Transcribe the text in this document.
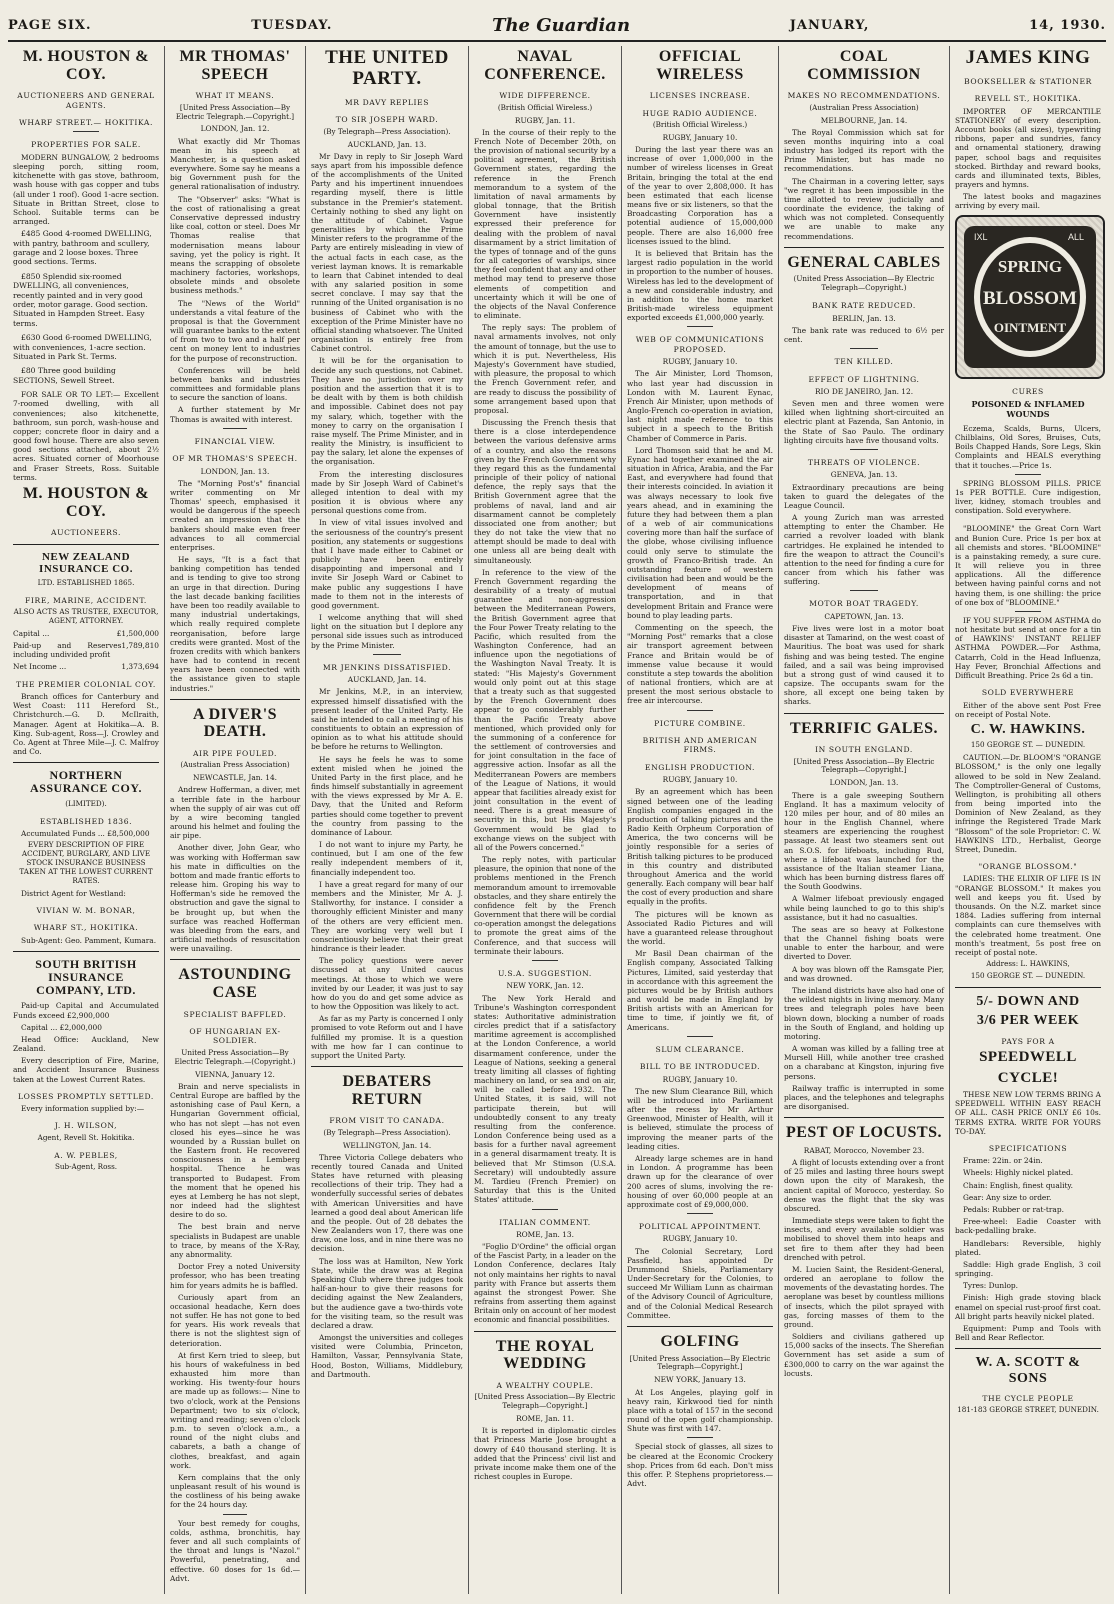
PAGE SIX.	TUESDAY.	The Guardian	JANUARY,	14, 1930.
M. HOUSTON & COY.
AUCTIONEERS AND GENERAL AGENTS.
WHARF STREET.— HOKITIKA.
PROPERTIES FOR SALE.

MODERN BUNGALOW, 2 bedrooms sleeping porch, sitting room, kitchenette with gas stove, bathroom, wash house with gas copper and tubs (all under 1 roof). Good 1-acre section. Situate in Brittan Street, close to School. Suitable terms can be arranged.

£485 Good 4-roomed DWELLING, with pantry, bathroom and scullery, garage and 2 loose boxes. Three good sections. Terms.

£850 Splendid six-roomed DWELLING, all conveniences, recently painted and in very good order, motor garage. Good section. Situated in Hampden Street. Easy terms.

£630 Good 6-roomed DWELLING, with conveniences, 1-acre section. Situated in Park St. Terms.

£80 Three good building SECTIONS, Sewell Street.

FOR SALE OR TO LET:— Excellent 7-roomed dwelling, with all conveniences; also kitchenette, bathroom, sun porch, wash-house and copper; concrete floor in dairy and a good fowl house. There are also seven good sections attached, about 2½ acres. Situated corner of Moorhouse and Fraser Streets, Ross. Suitable terms.

M. HOUSTON & COY.
AUCTIONEERS.
NEW ZEALAND INSURANCE CO.
LTD. ESTABLISHED 1865.
FIRE, MARINE, ACCIDENT.
ALSO ACTS AS TRUSTEE, EXECUTOR, AGENT, ATTORNEY.

Capital ...	£1,500,000

Paid-up and Reserves including undivided profit
1,789,810

Net Income ...	1,373,694

THE PREMIER COLONIAL COY.

Branch offices for Canterbury and West Coast: 111 Hereford St., Christchurch.—G. D. McIlraith, Manager. Agent at Hokitika—A. B. King. Sub-agent, Ross—J. Crowley and Co. Agent at Three Mile—J. C. Malfroy and Co.

NORTHERN ASSURANCE COY.
(LIMITED).
ESTABLISHED 1836.

Accumulated Funds ... £8,500,000

EVERY DESCRIPTION OF FIRE ACCIDENT, BURGLARY, AND LIVE STOCK INSURANCE BUSINESS TAKEN AT THE LOWEST CURRENT RATES.

District Agent for Westland:

VIVIAN W. M. BONAR,
WHARF ST., HOKITIKA.

Sub-Agent: Geo. Pamment, Kumara.

SOUTH BRITISH INSURANCE COMPANY, LTD.

Paid-up Capital and Accumulated Funds exceed £2,900,000

Capital ... £2,000,000

Head Office: Auckland, New Zealand.

Every description of Fire, Marine, and Accident Insurance Business taken at the Lowest Current Rates.

LOSSES PROMPTLY SETTLED.

Every information supplied by:—

J. H. WILSON,
Agent, Revell St. Hokitika.
A. W. PEBLES,
Sub-Agent, Ross.
MR THOMAS' SPEECH
WHAT IT MEANS.
[United Press Association—By Electric Telegraph.—Copyright.]

LONDON, Jan. 12.

What exactly did Mr Thomas mean in his speech at Manchester, is a question asked everywhere. Some say he means a big Government push for the general rationalisation of industry.

The "Observer" asks: "What is the cost of rationalising a great Conservative depressed industry like coal, cotton or steel. Does Mr Thomas realise that modernisation means labour saving, yet the policy is right. It means the scrapping of obsolete machinery factories, workshops, obsolete minds and obsolete business methods."

The "News of the World" understands a vital feature of the proposal is that the Government will guarantee banks to the extent of from two to two and a half per cent on money lent to industries for the purpose of reconstruction.

Conferences will be held between banks and industries committees and formidable plans to secure the sanction of loans.

A further statement by Mr Thomas is awaited with interest.

FINANCIAL VIEW.
OF MR THOMAS'S SPEECH.

LONDON, Jan. 13.

The "Morning Post's" financial writer commenting on Mr Thomas' speech, emphasised it would be dangerous if the speech created an impression that the bankers should make even freer advances to all commercial enterprises.

He says, "It is a fact that banking competition has tended and is tending to give too strong an urge in that direction. During the last decade banking facilities have been too readily available to many industrial undertakings, which really required complete reorganisation, before large credits were granted. Most of the frozen credits with which bankers have had to contend in recent years have been connected with the assistance given to staple industries."

A DIVER'S DEATH.
AIR PIPE FOULED.
(Australian Press Association)

NEWCASTLE, Jan. 14.

Andrew Hofferman, a diver, met a terrible fate in the harbour when the supply of air was cut off by a wire becoming tangled around his helmet and fouling the air pipe.

Another diver, John Gear, who was working with Hofferman saw his mate in difficulties on the bottom and made frantic efforts to release him. Groping his way to Hofferman's side he removed the obstruction and gave the signal to be brought up, but when the surface was reached Hofferman was bleeding from the ears, and artificial methods of resuscitation were unavailing.

ASTOUNDING CASE
SPECIALIST BAFFLED.
OF HUNGARIAN EX-SOLDIER.
United Press Association—By Electric Telegraph.—(Copyright.)

VIENNA, January 12.

Brain and nerve specialists in Central Europe are baffled by the astonishing case of Paul Kern, a Hungarian Government official, who has not slept —has not even closed his eyes—since he was wounded by a Russian bullet on the Eastern front. He recovered consciousness in a Lemberg hospital. Thence he was transported to Budapest. From the moment that he opened his eyes at Lemberg he has not slept, nor indeed had the slightest desire to do so.

The best brain and nerve specialists in Budapest are unable to trace, by means of the X-Ray, any abnormality.

Doctor Frey a noted University professor, who has been treating him for years admits he is baffled.

Curiously apart from an occasional headache, Kern does not suffer. He has not gone to bed for years. His work reveals that there is not the slightest sign of deterioration.

At first Kern tried to sleep, but his hours of wakefulness in bed exhausted him more than working. His twenty-four hours are made up as follows:— Nine to two o'clock, work at the Pensions Department; two to six o'clock, writing and reading; seven o'clock p.m. to seven o'clock a.m., a round of the night clubs and cabarets, a bath a change of clothes, breakfast, and again work.

Kern complains that the only unpleasant result of his wound is the costliness of his being awake for the 24 hours day.

Your best remedy for coughs, colds, asthma, bronchitis, hay fever and all such complaints of the throat and lungs is "Nazol." Powerful, penetrating, and effective. 60 doses for 1s 6d.—Advt.

THE UNITED PARTY.
MR DAVY REPLIES
TO SIR JOSEPH WARD.
(By Telegraph—Press Association).

AUCKLAND, Jan. 13.

Mr Davy in reply to Sir Joseph Ward says apart from his impossible defence of the accomplishments of the United Party and his impertinent innuendoes regarding myself, there is little substance in the Premier's statement. Certainly nothing to shed any light on the attitude of Cabinet. Vague generalities by which the Prime Minister refers to the programme of the Party are entirely misleading in view of the actual facts in each case, as the veriest layman knows. It is remarkable to learn that Cabinet intended to deal with any salaried position in some secret conclave. I may say that the running of the United organisation is no business of Cabinet who with the exception of the Prime Minister have no official standing whatsoever. The United organisation is entirely free from Cabinet control.

It will be for the organisation to decide any such questions, not Cabinet. They have no jurisdiction over my position and the assertion that it is to be dealt with by them is both childish and impossible. Cabinet does not pay my salary, which, together with the money to carry on the organisation I raise myself. The Prime Minister, and in reality the Ministry, is insufficient to pay the salary, let alone the expenses of the organisation.

From the interesting disclosures made by Sir Joseph Ward of Cabinet's alleged intention to deal with my position it is obvious where any personal questions come from.

In view of vital issues involved and the seriousness of the country's present position, any statements or suggestions that I have made either to Cabinet or publicly have been entirely disappointing and impersonal and I invite Sir Joseph Ward or Cabinet to make public any suggestions I have made to them not in the interests of good government.

I welcome anything that will shed light on the situation but I deplore any personal side issues such as introduced by the Prime Minister.

MR JENKINS DISSATISFIED.

AUCKLAND, Jan. 14.

Mr Jenkins, M.P., in an interview, expressed himself dissatisfied with the present leader of the United Party. He said he intended to call a meeting of his constituents to obtain an expression of opinion as to what his attitude should be before he returns to Wellington.

He says he feels he was to some extent misled when he joined the United Party in the first place, and he finds himself substantially in agreement with the views expressed by Mr A. E. Davy, that the United and Reform parties should come together to prevent the country from passing to the dominance of Labour.

I do not want to injure my Party, he continued, but I am one of the few really independent members of it, financially independent too.

I have a great regard for many of our members and the Minister, Mr A. J. Stallworthy, for instance. I consider a thoroughly efficient Minister and many of the others are very efficient men. They are working very well but I conscientiously believe that their great hindrance is their leader.

The policy questions were never discussed at any United caucus meetings. At those to which we were invited by our Leader, it was just to say how do you do and get some advice as to how the Opposition was likely to act.

As far as my Party is concerned I only promised to vote Reform out and I have fulfilled my promise. It is a question with me how far I can continue to support the United Party.

DEBATERS RETURN
FROM VISIT TO CANADA.
(By Telegraph—Press Association).

WELLINGTON, Jan. 14.

Three Victoria College debaters who recently toured Canada and United States have returned with pleasing recollections of their trip. They had a wonderfully successful series of debates with American Universities and have learned a good deal about American life and the people. Out of 28 debates the New Zealanders won 17, there was one draw, one loss, and in nine there was no decision.

The loss was at Hamilton, New York State, while the draw was at Regina Speaking Club where three judges took half-an-hour to give their reasons for deciding against the New Zealanders, but the audience gave a two-thirds vote for the visiting team, so the result was declared a draw.

Amongst the universities and colleges visited were Columbia, Princeton, Hamilton, Vassar, Pennsylvania State, Hood, Boston, Williams, Middlebury, and Dartmouth.

NAVAL CONFERENCE.
WIDE DIFFERENCE.
(British Official Wireless.)

RUGBY, Jan. 11.

In the course of their reply to the French Note of December 20th, on the provision of national security by a political agreement, the British Government states, regarding the reference in the French memorandum to a system of the limitation of naval armaments by global tonnage, that the British Government have insistently expressed their preference for dealing with the problem of naval disarmament by a strict limitation of the types of tonnage and of the guns for all categories of warships, since they feel confident that any and other method may tend to preserve those elements of competition and uncertainty which it will be one of the objects of the Naval Conference to eliminate.

The reply says: The problem of naval armaments involves, not only the amount of tonnage, but the use to which it is put. Nevertheless, His Majesty's Government have studied, with pleasure, the proposal to which the French Government refer, and are ready to discuss the possibility of some arrangement based upon that proposal.

Discussing the French thesis that there is a close interdependence between the various defensive arms of a country, and also the reasons given by the French Government why they regard this as the fundamental principle of their policy of national defence, the reply says that the British Government agree that the problems of naval, land and air disarmament cannot be completely dissociated one from another; but they do not take the view that no attempt should be made to deal with one unless all are being dealt with simultaneously.

In reference to the view of the French Government regarding the desirability of a treaty of mutual guarantee and non-aggression between the Mediterranean Powers, the British Government agree that the Four Power Treaty relating to the Pacific, which resulted from the Washington Conference, had an influence upon the negotiations of the Washington Naval Treaty. It is stated: "His Majesty's Government would only point out at this stage that a treaty such as that suggested by the French Government does appear to go considerably further than the Pacific Treaty above mentioned, which provided only for the summoning of a conference for the settlement of controversies and for joint consultation in the face of aggressive action. Insofar as all the Mediterranean Powers are members of the League of Nations, it would appear that facilities already exist for joint consultation in the event of need. There is a great measure of security in this, but His Majesty's Government would be glad to exchange views on the subject with all of the Powers concerned."

The reply notes, with particular pleasure, the opinion that none of the problems mentioned in the French memorandum amount to irremovable obstacles, and they share entirely the confidence felt by the French Government that there will be cordial co-operation amongst the delegations to promote the great aims of the Conference, and that success will terminate their labours.

U.S.A. SUGGESTION.

NEW YORK, Jan. 12.

The New York Herald and Tribune's Washington correspondent states: Authoritative administration circles predict that if a satisfactory maritime agreement is accomplished at the London Conference, a world disarmament conference, under the League of Nations, seeking a general treaty limiting all classes of fighting machinery on land, or sea and on air, will be called before 1932. The United States, it is said, will not participate therein, but will undoubtedly consent to any treaty resulting from the conference. London Conference being used as a basis for a further naval agreement in a general disarmament treaty. It is believed that Mr Stimson (U.S.A. Secretary) will undoubtedly assure M. Tardieu (French Premier) on Saturday that this is the United States' attitude.

ITALIAN COMMENT.

ROME, Jan. 13.

"Foglio D'Ordine" the official organ of the Fascist Party, in a leader on the London Conference, declares Italy not only maintains her rights to naval parity with France but asserts them against the strongest Power. She refrains from asserting them against Britain only on account of her modest economic and financial possibilities.

THE ROYAL WEDDING
A WEALTHY COUPLE.
[United Press Association—By Electric Telegraph—Copyright.]

ROME, Jan. 11.

It is reported in diplomatic circles that Princess Marie Jose brought a dowry of £40 thousand sterling. It is added that the Princess' civil list and private income make them one of the richest couples in Europe.

OFFICIAL WIRELESS
LICENSES INCREASE.
HUGE RADIO AUDIENCE.
(British Official Wireless.)

RUGBY, January 10.

During the last year there was an increase of over 1,000,000 in the number of wireless licenses in Great Britain, bringing the total at the end of the year to over 2,808,000. It has been estimated that each license means five or six listeners, so that the Broadcasting Corporation has a potential audience of 15,000,000 people. There are also 16,000 free licenses issued to the blind.

It is believed that Britain has the largest radio population in the world in proportion to the number of houses. Wireless has led to the development of a new and considerable industry, and in addition to the home market British-made wireless equipment exported exceeds £1,000,000 yearly.

WEB OF COMMUNICATIONS PROPOSED.

RUGBY, January 10.

The Air Minister, Lord Thomson, who last year had discussion in London with M. Laurent Eynac, French Air Minister, upon methods of Anglo-French co-operation in aviation, last night made reference to this subject in a speech to the British Chamber of Commerce in Paris.

Lord Thomson said that he and M. Eynac had together examined the air situation in Africa, Arabia, and the Far East, and everywhere had found that their interests coincided. In aviation it was always necessary to look five years ahead, and in examining the future they had between them a plan of a web of air communications covering more than half the surface of the globe, whose civilising influence could only serve to stimulate the growth of Franco-British trade. An outstanding feature of western civilisation had been and would be the development of means of transportation, and in that development Britain and France were bound to play leading parts.

Commenting on the speech, the "Morning Post" remarks that a close air transport agreement between France and Britain would be of immense value because it would constitute a step towards the abolition of national frontiers, which are at present the most serious obstacle to free air intercourse.

PICTURE COMBINE.
BRITISH AND AMERICAN FIRMS.
ENGLISH PRODUCTION.

RUGBY, January 10.

By an agreement which has been signed between one of the leading English companies engaged in the production of talking pictures and the Radio Keith Orpheum Corporation of America, the two concerns will be jointly responsible for a series of British talking pictures to be produced in this country and distributed throughout America and the world generally. Each company will bear half the cost of every production and share equally in the profits.

The pictures will be known as Associated Radio Pictures and will have a guaranteed release throughout the world.

Mr Basil Dean chairman of the English company, Associated Talking Pictures, Limited, said yesterday that in accordance with this agreement the pictures would be by British authors and would be made in England by British artists with an American for time to time, if jointly we fit, of Americans.

SLUM CLEARANCE.
BILL TO BE INTRODUCED.

RUGBY, January 10.

The new Slum Clearance Bill, which will be introduced into Parliament after the recess by Mr Arthur Greenwood, Minister of Health, will it is believed, stimulate the process of improving the meaner parts of the leading cities.

Already large schemes are in hand in London. A programme has been drawn up for the clearance of over 200 acres of slums, involving the re-housing of over 60,000 people at an approximate cost of £9,000,000.

POLITICAL APPOINTMENT.

RUGBY, January 10.

The Colonial Secretary, Lord Passfield, has appointed Dr Drummond Shiels, Parliamentary Under-Secretary for the Colonies, to succeed Mr William Lunn as chairman of the Advisory Council of Agriculture, and of the Colonial Medical Research Committee.

GOLFING
[United Press Association—By Electric Telegraph—Copyright.]

NEW YORK, January 13.

At Los Angeles, playing golf in heavy rain, Kirkwood tied for ninth place with a total of 157 in the second round of the open golf championship. Shute was first with 147.

Special stock of glasses, all sizes to be cleared at the Economic Crockery shop. Prices from 6d each. Don't miss this offer. P. Stephens proprietoress.—Advt.

COAL COMMISSION
MAKES NO RECOMMENDATIONS.
(Australian Press Association)

MELBOURNE, Jan. 14.

The Royal Commission which sat for seven months inquiring into a coal industry has lodged its report with the Prime Minister, but has made no recommendations.

The Chairman in a covering letter, says "we regret it has been impossible in the time allotted to review judicially and coordinate the evidence, the taking of which was not completed. Consequently we are unable to make any recommendations.

GENERAL CABLES
(United Press Association—By Electric Telegraph—Copyright.)
BANK RATE REDUCED.

BERLIN, Jan. 13.

The bank rate was reduced to 6½ per cent.

TEN KILLED.
EFFECT OF LIGHTNING.

RIO DE JANEIRO, Jan. 12.

Seven men and three women were killed when lightning short-circuited an electric plant at Fazenda, San Antonio, in the State of Sao Paulo. The ordinary lighting circuits have five thousand volts.

THREATS OF VIOLENCE.

GENEVA, Jan. 13.

Extraordinary precautions are being taken to guard the delegates of the League Council.

A young Zurich man was arrested attempting to enter the Chamber. He carried a revolver loaded with blank cartridges. He explained he intended to fire the weapon to attract the Council's attention to the need for finding a cure for cancer from which his father was suffering.

MOTOR BOAT TRAGEDY.

CAPETOWN, Jan. 13.

Five lives were lost in a motor boat disaster at Tamarind, on the west coast of Mauritius. The boat was used for shark fishing and was being tested. The engine failed, and a sail was being improvised but a strong gust of wind caused it to capsize. The occupants swam for the shore, all except one being taken by sharks.

TERRIFIC GALES.
IN SOUTH ENGLAND.
[United Press Association—By Electric Telegraph—Copyright.]

LONDON, Jan. 13.

There is a gale sweeping Southern England. It has a maximum velocity of 120 miles per hour, and of 80 miles an hour in the English Channel, where steamers are experiencing the roughest passage. At least two steamers sent out an S.O.S. for lifeboats, including Rud, where a lifeboat was launched for the assistance of the Italian steamer Liana, which has been burning distress flares off the South Goodwins.

A Walmer lifeboat previously engaged while being launched to go to this ship's assistance, but it had no casualties.

The seas are so heavy at Folkestone that the Channel fishing boats were unable to enter the harbour, and were diverted to Dover.

A boy was blown off the Ramsgate Pier, and was drowned.

The inland districts have also had one of the wildest nights in living memory. Many trees and telegraph poles have been blown down, blocking a number of roads in the South of England, and holding up motoring.

A woman was killed by a falling tree at Mursell Hill, while another tree crashed on a charabanc at Kingston, injuring five persons.

Railway traffic is interrupted in some places, and the telephones and telegraphs are disorganised.

PEST OF LOCUSTS.

RABAT, Morocco, November 23.

A flight of locusts extending over a front of 25 miles and lasting three hours swept down upon the city of Marakesh, the ancient capital of Morocco, yesterday. So dense was the flight that the sky was obscured.

Immediate steps were taken to fight the insects, and every available soldier was mobilised to shovel them into heaps and set fire to them after they had been drenched with petrol.

M. Lucien Saint, the Resident-General, ordered an aeroplane to follow the movements of the devastating hordes. The aeroplane was beset by countless millions of insects, which the pilot sprayed with gas, forcing masses of them to the ground.

Soldiers and civilians gathered up 15,000 sacks of the insects. The Sherefian Government has set aside a sum of £300,000 to carry on the war against the locusts.

JAMES KING
BOOKSELLER & STATIONER
REVELL ST., HOKITIKA.

IMPORTER OF MERCANTILE STATIONERY of every description. Account books (all sizes), typewriting ribbons, paper and sundries, fancy and ornamental stationery, drawing paper, school bags and requisites stocked. Birthday and reward books, cards and illuminated texts, Bibles, prayers and hymns.

The latest books and magazines arriving by every mail.

SPRING
BLOSSOM
OINTMENT
IXL	ALL
CURES

POISONED & INFLAMED WOUNDS

Eczema, Scalds, Burns, Ulcers, Chilblains, Old Sores, Bruises, Cuts, Boils Chapped Hands, Sore Legs, Skin Complaints and HEALS everything that it touches.—Price 1s.

SPRING BLOSSOM PILLS. PRICE 1s PER BOTTLE. Cure indigestion, liver, kidney, stomach troubles and constipation. Sold everywhere.

"BLOOMINE" the Great Corn Wart and Bunion Cure. Price 1s per box at all chemists and stores. "BLOOMINE" is a painstaking remedy, a sure cure. It will relieve you in three applications. All the difference between having painful corns and not having them, is one shilling: the price of one box of "BLOOMINE."

IF YOU SUFFER FROM ASTHMA do not hesitate but send at once for a tin of HAWKINS' INSTANT RELIEF ASTHMA POWDER.—For Asthma, Catarrh, Cold in the Head Influenza, Hay Fever, Bronchial Affections and Difficult Breathing. Price 2s 6d a tin.

SOLD EVERYWHERE

Either of the above sent Post Free on receipt of Postal Note.

C. W. HAWKINS.
150 GEORGE ST. — DUNEDIN.

CAUTION.—Dr. BLOOM'S "ORANGE BLOSSOM," is the only one legally allowed to be sold in New Zealand. The Comptroller-General of Customs, Wellington, is prohibiting all others from being imported into the Dominion of New Zealand, as they infringe the Registered Trade Mark "Blossom" of the sole Proprietor: C. W. HAWKINS LTD., Herbalist, George Street, Dunedin.

"ORANGE BLOSSOM."

LADIES: THE ELIXIR OF LIFE IS IN "ORANGE BLOSSOM." It makes you well and keeps you fit. Used by thousands. On the N.Z. market since 1884. Ladies suffering from internal complaints can cure themselves with the celebrated home treatment. One month's treatment, 5s post free on receipt of postal note.

Address: L. HAWKINS,
150 GEORGE ST. — DUNEDIN.
5/- DOWN AND
3/6 PER WEEK
PAYS FOR A
SPEEDWELL
CYCLE!

THESE NEW LOW TERMS BRING A SPEEDWELL WITHIN EASY REACH OF ALL. CASH PRICE ONLY £6 10s. TERMS EXTRA. WRITE FOR YOURS TO-DAY.

SPECIFICATIONS

Frame: 22in. or 24in.

Wheels: Highly nickel plated.

Chain: English, finest quality.

Gear: Any size to order.

Pedals: Rubber or rat-trap.

Free-wheel: Eadie Coaster with back-pedalling brake.

Handlebars: Reversible, highly plated.

Saddle: High grade English, 3 coil springing.

Tyres: Dunlop.

Finish: High grade stoving black enamel on special rust-proof first coat. All bright parts heavily nickel plated.

Equipment: Pump and Tools with Bell and Rear Reflector.

W. A. SCOTT & SONS
THE CYCLE PEOPLE
181-183 GEORGE STREET, DUNEDIN.
